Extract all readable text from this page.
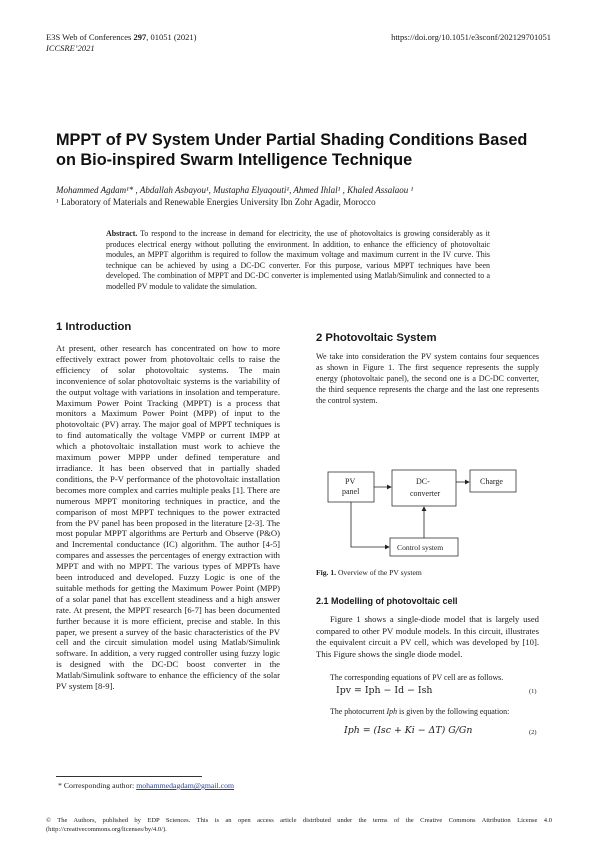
E3S Web of Conferences 297, 01051 (2021)
ICCSRE’2021
https://doi.org/10.1051/e3sconf/202129701051
MPPT of PV System Under Partial Shading Conditions Based on Bio-inspired Swarm Intelligence Technique
Mohammed Agdam¹* , Abdallah Asbayou¹, Mustapha Elyaqouti¹, Ahmed Ihlal¹ , Khaled Assalaou ¹
¹ Laboratory of Materials and Renewable Energies University Ibn Zohr Agadir, Morocco
Abstract. To respond to the increase in demand for electricity, the use of photovoltaics is growing considerably as it produces electrical energy without polluting the environment. In addition, to enhance the efficiency of photovoltaic modules, an MPPT algorithm is required to follow the maximum voltage and maximum current in the IV curve. This technique can be achieved by using a DC-DC converter. For this purpose, various MPPT techniques have been developed. The combination of MPPT and DC-DC converter is implemented using Matlab/Simulink and connected to a modelled PV module to validate the simulation.
1 Introduction
At present, other research has concentrated on how to more effectively extract power from photovoltaic cells to raise the efficiency of solar photovoltaic systems. The main inconvenience of solar photovoltaic systems is the variability of the output voltage with variations in insolation and temperature. Maximum Power Point Tracking (MPPT) is a process that monitors a Maximum Power Point (MPP) of input to the photovoltaic (PV) array. The major goal of MPPT techniques is to find automatically the voltage VMPP or current IMPP at which a photovoltaic installation must work to achieve the maximum power MPPP under defined temperature and irradiance. It has been observed that in partially shaded conditions, the P-V performance of the photovoltaic installation becomes more complex and carries multiple peaks [1]. There are numerous MPPT monitoring techniques in practice, and the comparison of most MPPT techniques to the power extracted from the PV panel has been proposed in the literature [2-3]. The most popular MPPT algorithms are Perturb and Observe (P&O) and Incremental conductance (IC) algorithm. The author [4-5] compares and assesses the percentages of energy extraction with MPPT and with no MPPT. The various types of MPPTs have been introduced and developed. Fuzzy Logic is one of the suitable methods for getting the Maximum Power Point (MPP) of a solar panel that has excellent steadiness and a high answer rate. At present, the MPPT research [6-7] has been documented further because it is more efficient, precise and stable. In this paper, we present a survey of the basic characteristics of the PV cell and the circuit simulation model using Matlab/Simulink software. In addition, a very rugged controller using fuzzy logic is designed with the DC-DC boost converter in the Matlab/Simulink software to enhance the efficiency of the solar PV system [8-9].
2 Photovoltaic System
We take into consideration the PV system contains four sequences as shown in Figure 1. The first sequence represents the supply energy (photovoltaic panel), the second one is a DC-DC converter, the third sequence represents the charge and the last one represents the control system.
PV
panel
DC-
converter
Charge
Control system
Fig. 1. Overview of the PV system
2.1 Modelling of photovoltaic cell
Figure 1 shows a single-diode model that is largely used compared to other PV module models. In this circuit, illustrates the equivalent circuit a PV cell, which was developed by [10]. This Figure shows the single diode model.
The corresponding equations of PV cell are as follows.
Ipv = Iph − Id − Ish	(1)
The photocurrent Iph is given by the following equation:
Iph = (Isc + Ki − ΔT) G/Gn	(2)
* Corresponding author: mohammedagdam@gmail.com
© The Authors, published by EDP Sciences. This is an open access article distributed under the terms of the Creative Commons Attribution License 4.0 (http://creativecommons.org/licenses/by/4.0/).
